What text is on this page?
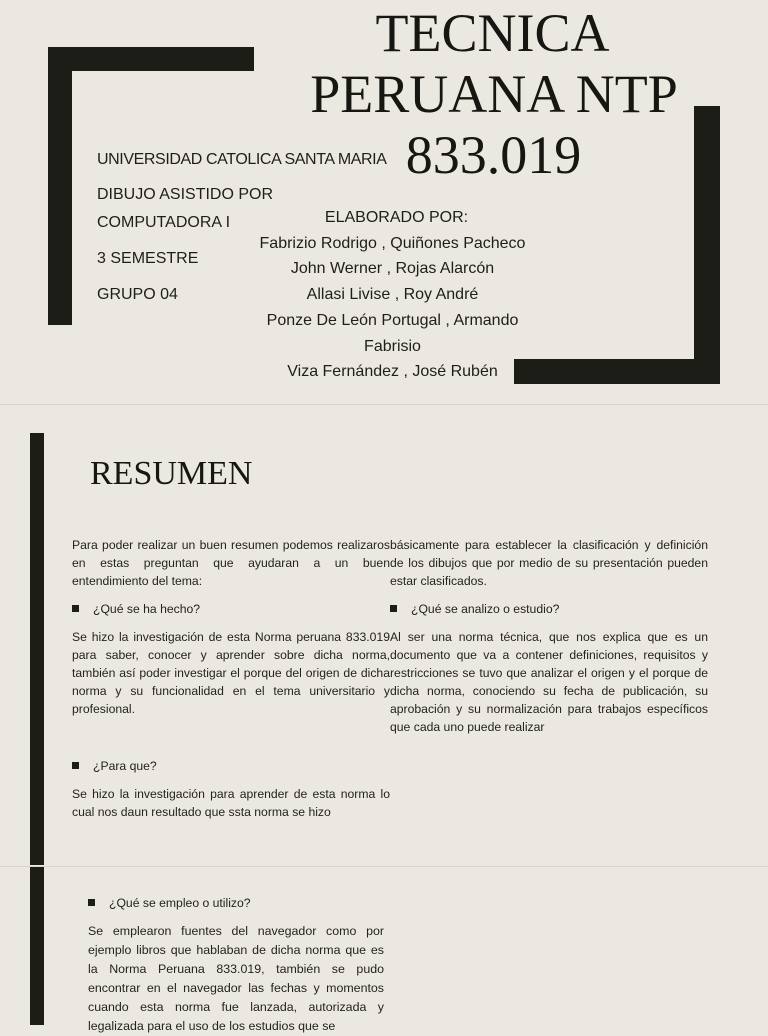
TECNICA
PERUANA NTP
833.019
UNIVERSIDAD CATOLICA SANTA MARIA
DIBUJO ASISTIDO POR
COMPUTADORA I
3 SEMESTRE
GRUPO 04
ELABORADO POR:
Fabrizio Rodrigo , Quiñones Pacheco
John Werner , Rojas Alarcón
Allasi Livise , Roy André
Ponze De León Portugal , Armando
Fabrisio
Viza Fernández , José Rubén
RESUMEN
Para poder realizar un buen resumen podemos realizaros en estas preguntan que ayudaran a un buen entendimiento del tema:
básicamente para establecer la clasificación y definición de los dibujos que por medio de su presentación pueden estar clasificados.
¿Qué se ha hecho?	¿Qué se analizo o estudio?
Se hizo la investigación de esta Norma peruana 833.019 para saber, conocer y aprender sobre dicha norma, también así poder investigar el porque del origen de dicha norma y su funcionalidad en el tema universitario y profesional.
Al ser una norma técnica, que nos explica que es un documento que va a contener definiciones, requisitos y restricciones se tuvo que analizar el origen y el porque de dicha norma, conociendo su fecha de publicación, su aprobación y su normalización para trabajos específicos que cada uno puede realizar
¿Para que?
Se hizo la investigación para aprender de esta norma lo cual nos daun resultado que ssta norma se hizo
¿Qué se empleo o utilizo?
Se emplearon fuentes del navegador como por ejemplo libros que hablaban de dicha norma que es la Norma Peruana 833.019, también se pudo encontrar en el navegador las fechas y momentos cuando esta norma fue lanzada, autorizada y legalizada para el uso de los estudios que se
